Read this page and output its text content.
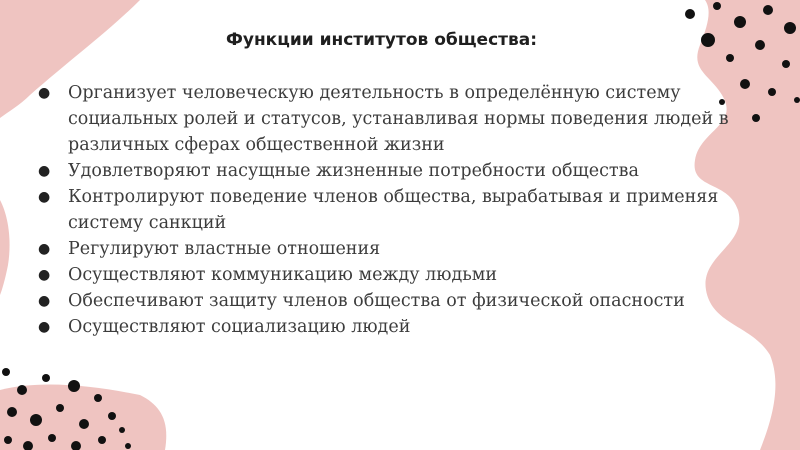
Функции институтов общества:
● Организует человеческую деятельность в определённую систему социальных ролей и статусов, устанавливая нормы поведения людей в различных сферах общественной жизни
● Удовлетворяют насущные жизненные потребности общества
● Контролируют поведение членов общества, вырабатывая и применяя систему санкций
● Регулируют властные отношения
● Осуществляют коммуникацию между людьми
● Обеспечивают защиту членов общества от физической опасности
● Осуществляют социализацию людей
